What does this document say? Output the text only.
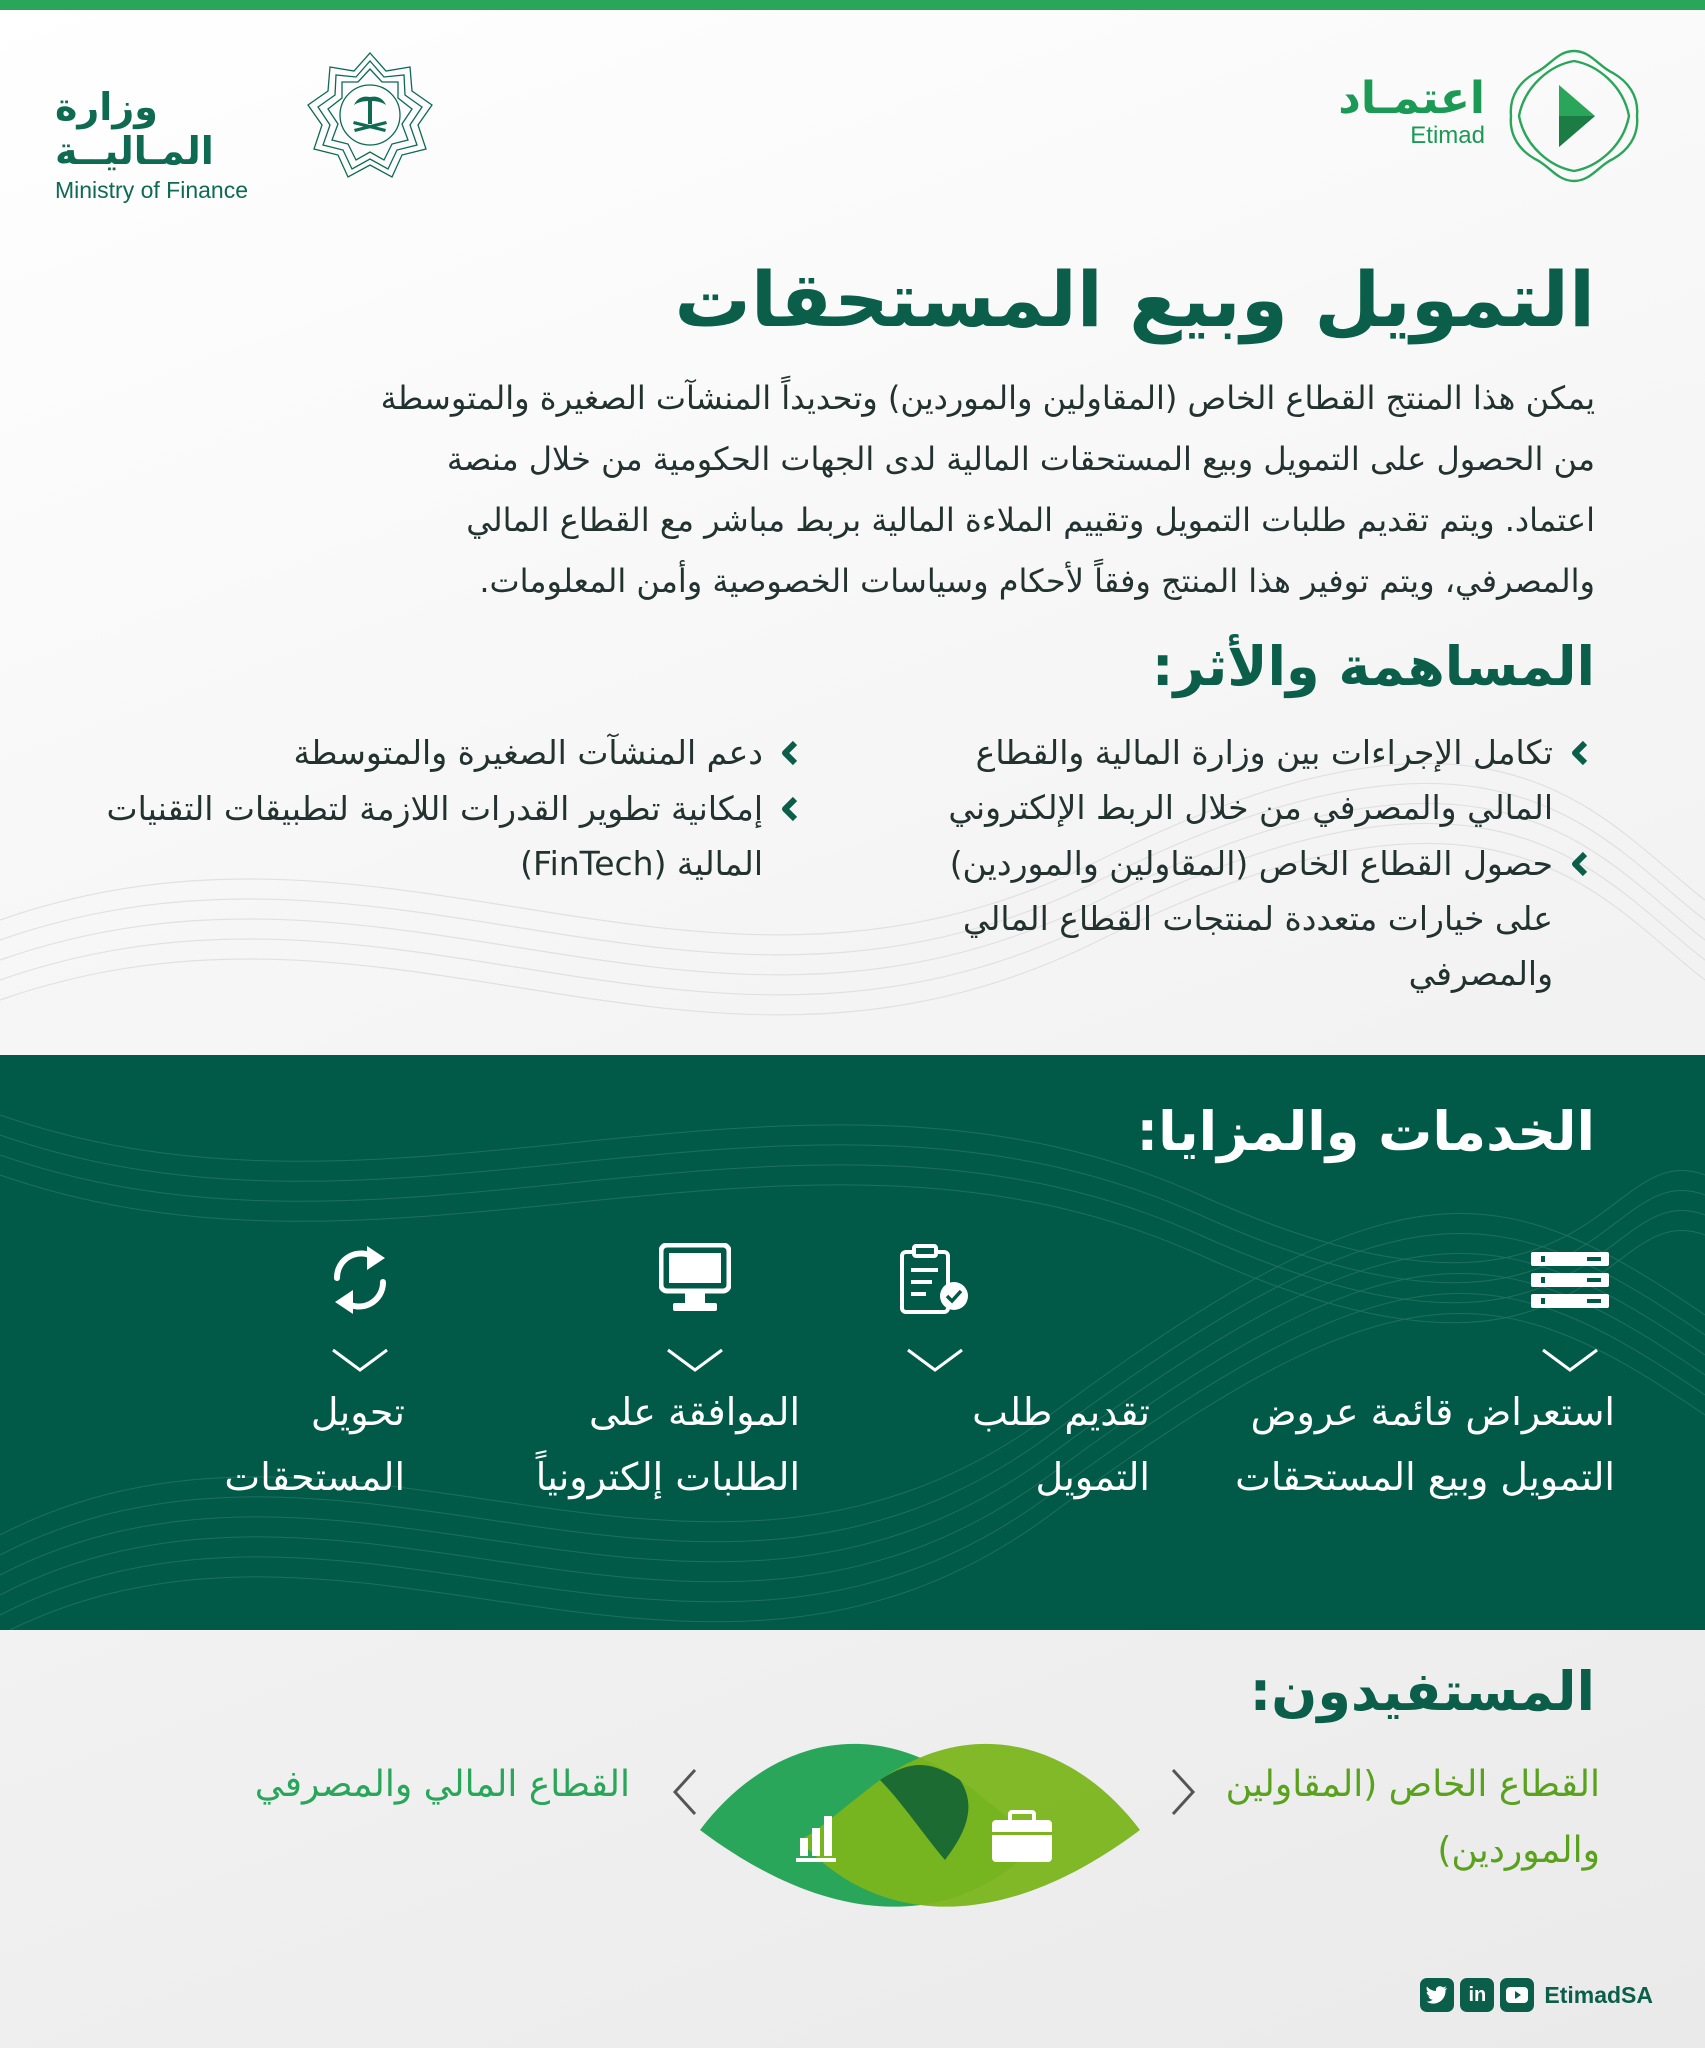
وزارة المـاليــة
Ministry of Finance
اعتمـاد
Etimad
التمويل وبيع المستحقات
يمكن هذا المنتج القطاع الخاص (المقاولين والموردين) وتحديداً المنشآت الصغيرة والمتوسطة
من الحصول على التمويل وبيع المستحقات المالية لدى الجهات الحكومية من خلال منصة
اعتماد. ويتم تقديم طلبات التمويل وتقييم الملاءة المالية بربط مباشر مع القطاع المالي
والمصرفي، ويتم توفير هذا المنتج وفقاً لأحكام وسياسات الخصوصية وأمن المعلومات.
المساهمة والأثر:
تكامل الإجراءات بين وزارة المالية والقطاع المالي والمصرفي من خلال الربط الإلكتروني
حصول القطاع الخاص (المقاولين والموردين) على خيارات متعددة لمنتجات القطاع المالي والمصرفي
دعم المنشآت الصغيرة والمتوسطة
إمكانية تطوير القدرات اللازمة لتطبيقات التقنيات المالية (FinTech)
الخدمات والمزايا:
استعراض قائمة عروض التمويل وبيع المستحقات
تقديم طلب التمويل
الموافقة على الطلبات إلكترونياً
تحويل المستحقات
المستفيدون:
القطاع الخاص (المقاولين والموردين)
القطاع المالي والمصرفي
in	EtimadSA
